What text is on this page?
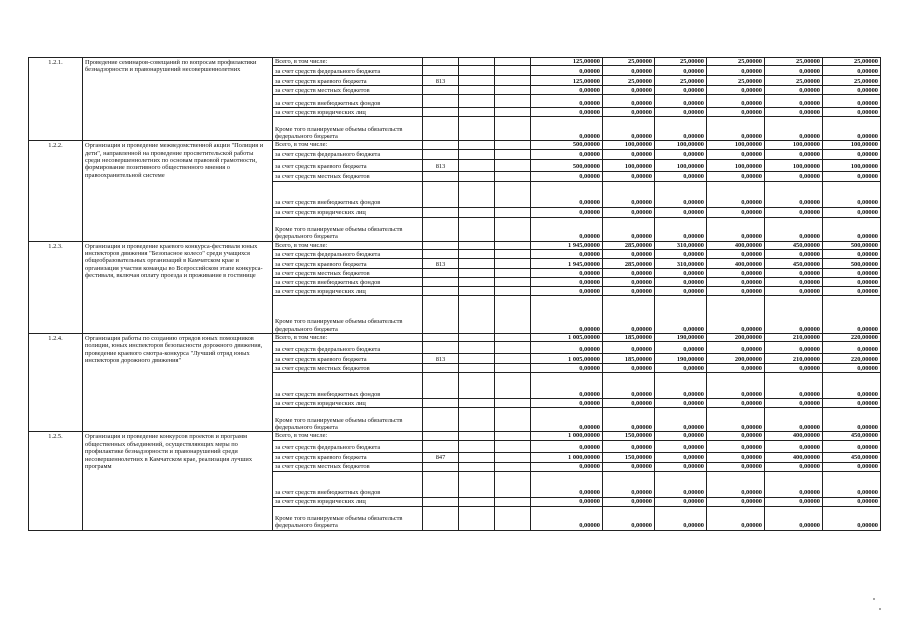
1.2.1.	Проведение семинаров-совещаний по вопросам профилактики безнадзорности и правонарушений несовершеннолетних	Всего, в том числе:				125,00000	25,00000	25,00000	25,00000	25,00000	25,00000
		за счет средств федерального бюджета				0,00000	0,00000	0,00000	0,00000	0,00000	0,00000
		за счет средств краевого бюджета	813			125,00000	25,00000	25,00000	25,00000	25,00000	25,00000
		за счет средств местных бюджетов				0,00000	0,00000	0,00000	0,00000	0,00000	0,00000
		за счет средств внебюджетных фондов				0,00000	0,00000	0,00000	0,00000	0,00000	0,00000
		за счет средств юридических лиц				0,00000	0,00000	0,00000	0,00000	0,00000	0,00000
		Кроме того планируемые объемы обязательств федерального бюджета				0,00000	0,00000	0,00000	0,00000	0,00000	0,00000
1.2.2.	Организация и проведение межведомственной акции "Полиция и дети", направленной на проведение просветительской работы среди несовершеннолетних по основам правовой грамотности, формирование позитивного общественного мнения о правоохранительной системе	Всего, в том числе:				500,00000	100,00000	100,00000	100,00000	100,00000	100,00000
		за счет средств федерального бюджета				0,00000	0,00000	0,00000	0,00000	0,00000	0,00000
		за счет средств краевого бюджета	813			500,00000	100,00000	100,00000	100,00000	100,00000	100,00000
		за счет средств местных бюджетов				0,00000	0,00000	0,00000	0,00000	0,00000	0,00000
		за счет средств внебюджетных фондов				0,00000	0,00000	0,00000	0,00000	0,00000	0,00000
		за счет средств юридических лиц				0,00000	0,00000	0,00000	0,00000	0,00000	0,00000
		Кроме того планируемые объемы обязательств федерального бюджета				0,00000	0,00000	0,00000	0,00000	0,00000	0,00000
1.2.3.	Организация и проведение краевого конкурса-фестиваля юных инспекторов движения "Безопасное колесо" среди учащихся общеобразовательных организаций в Камчатском крае и организация участия команды во Всероссийском этапе конкурса-фестиваля, включая оплату проезда и проживание в гостинице	Всего, в том числе:				1 945,00000	285,00000	310,00000	400,00000	450,00000	500,00000
		за счет средств федерального бюджета				0,00000	0,00000	0,00000	0,00000	0,00000	0,00000
		за счет средств краевого бюджета	813			1 945,00000	285,00000	310,00000	400,00000	450,00000	500,00000
		за счет средств местных бюджетов				0,00000	0,00000	0,00000	0,00000	0,00000	0,00000
		за счет средств внебюджетных фондов				0,00000	0,00000	0,00000	0,00000	0,00000	0,00000
		за счет средств юридических лиц				0,00000	0,00000	0,00000	0,00000	0,00000	0,00000
		Кроме того планируемые объемы обязательств федерального бюджета				0,00000	0,00000	0,00000	0,00000	0,00000	0,00000
1.2.4.	Организация работы по созданию отрядов юных помощников полиции, юных инспекторов безопасности дорожного движения, проведение краевого смотра-конкурса "Лучший отряд юных инспекторов дорожного движения"	Всего, в том числе:				1 005,00000	185,00000	190,00000	200,00000	210,00000	220,00000
		за счет средств федерального бюджета				0,00000	0,00000	0,00000	0,00000	0,00000	0,00000
		за счет средств краевого бюджета	813			1 005,00000	185,00000	190,00000	200,00000	210,00000	220,00000
		за счет средств местных бюджетов				0,00000	0,00000	0,00000	0,00000	0,00000	0,00000
		за счет средств внебюджетных фондов				0,00000	0,00000	0,00000	0,00000	0,00000	0,00000
		за счет средств юридических лиц				0,00000	0,00000	0,00000	0,00000	0,00000	0,00000
		Кроме того планируемые объемы обязательств федерального бюджета				0,00000	0,00000	0,00000	0,00000	0,00000	0,00000
1.2.5.	Организация и проведение конкурсов проектов и программ общественных объединений, осуществляющих меры по профилактике безнадзорности и правонарушений среди несовершеннолетних в Камчатском крае, реализация лучших программ	Всего, в том числе:				1 000,00000	150,00000	0,00000	0,00000	400,00000	450,00000
		за счет средств федерального бюджета				0,00000	0,00000	0,00000	0,00000	0,00000	0,00000
		за счет средств краевого бюджета	847			1 000,00000	150,00000	0,00000	0,00000	400,00000	450,00000
		за счет средств местных бюджетов				0,00000	0,00000	0,00000	0,00000	0,00000	0,00000
		за счет средств внебюджетных фондов				0,00000	0,00000	0,00000	0,00000	0,00000	0,00000
		за счет средств юридических лиц				0,00000	0,00000	0,00000	0,00000	0,00000	0,00000
		Кроме того планируемые объемы обязательств федерального бюджета				0,00000	0,00000	0,00000	0,00000	0,00000	0,00000
